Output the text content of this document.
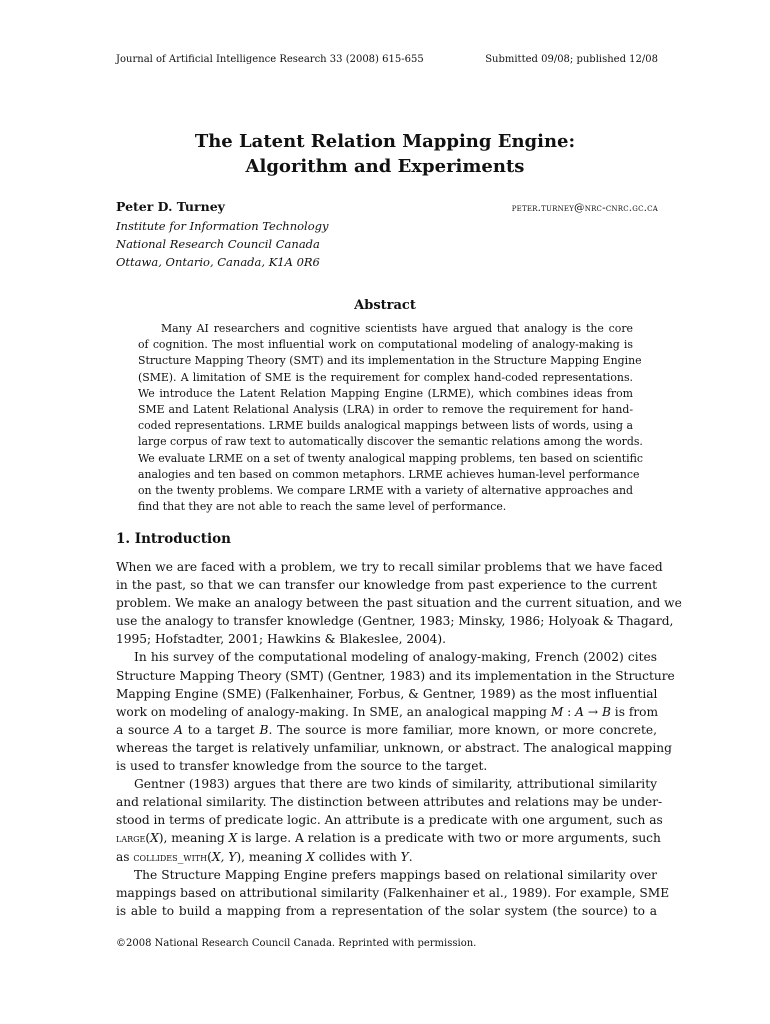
Journal of Artificial Intelligence Research 33 (2008) 615-655	Submitted 09/08; published 12/08
The Latent Relation Mapping Engine:
Algorithm and Experiments
Peter D. Turney	peter.turney@nrc-cnrc.gc.ca
Institute for Information Technology
National Research Council Canada
Ottawa, Ontario, Canada, K1A 0R6
Abstract
Many AI researchers and cognitive scientists have argued that analogy is the core
of cognition. The most influential work on computational modeling of analogy-making is
Structure Mapping Theory (SMT) and its implementation in the Structure Mapping Engine
(SME). A limitation of SME is the requirement for complex hand-coded representations.
We introduce the Latent Relation Mapping Engine (LRME), which combines ideas from
SME and Latent Relational Analysis (LRA) in order to remove the requirement for hand-
coded representations. LRME builds analogical mappings between lists of words, using a
large corpus of raw text to automatically discover the semantic relations among the words.
We evaluate LRME on a set of twenty analogical mapping problems, ten based on scientific
analogies and ten based on common metaphors. LRME achieves human-level performance
on the twenty problems. We compare LRME with a variety of alternative approaches and
find that they are not able to reach the same level of performance.
1. Introduction
When we are faced with a problem, we try to recall similar problems that we have faced
in the past, so that we can transfer our knowledge from past experience to the current
problem. We make an analogy between the past situation and the current situation, and we
use the analogy to transfer knowledge (Gentner, 1983; Minsky, 1986; Holyoak & Thagard,
1995; Hofstadter, 2001; Hawkins & Blakeslee, 2004).
In his survey of the computational modeling of analogy-making, French (2002) cites
Structure Mapping Theory (SMT) (Gentner, 1983) and its implementation in the Structure
Mapping Engine (SME) (Falkenhainer, Forbus, & Gentner, 1989) as the most influential
work on modeling of analogy-making. In SME, an analogical mapping M : A → B is from
a source A to a target B. The source is more familiar, more known, or more concrete,
whereas the target is relatively unfamiliar, unknown, or abstract. The analogical mapping
is used to transfer knowledge from the source to the target.
Gentner (1983) argues that there are two kinds of similarity, attributional similarity
and relational similarity. The distinction between attributes and relations may be under-
stood in terms of predicate logic. An attribute is a predicate with one argument, such as
large(X), meaning X is large. A relation is a predicate with two or more arguments, such
as collides_with(X, Y), meaning X collides with Y.
The Structure Mapping Engine prefers mappings based on relational similarity over
mappings based on attributional similarity (Falkenhainer et al., 1989). For example, SME
is able to build a mapping from a representation of the solar system (the source) to a
©2008 National Research Council Canada. Reprinted with permission.
